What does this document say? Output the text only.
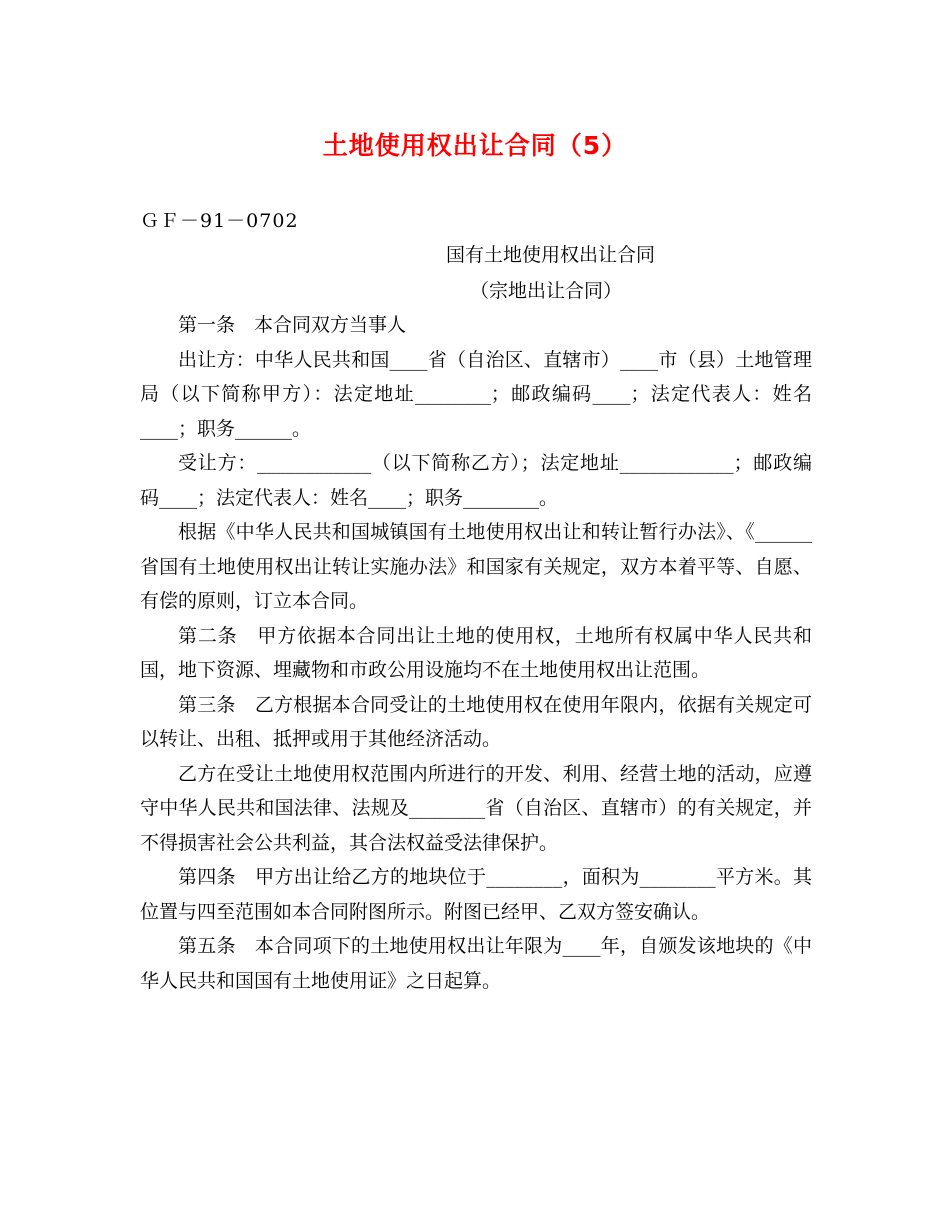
土地使用权出让合同（5）
ＧＦ－91－0702
国有土地使用权出让合同
（宗地出让合同）

第一条　本合同双方当事人

出让方：中华人民共和国____省（自治区、直辖市）____市（县）土地管理局（以下简称甲方）：法定地址________；邮政编码____；法定代表人：姓名____；职务______。

受让方：____________（以下简称乙方）；法定地址____________；邮政编码____；法定代表人：姓名____；职务________。

根据《中华人民共和国城镇国有土地使用权出让和转让暂行办法》、《______省国有土地使用权出让转让实施办法》和国家有关规定，双方本着平等、自愿、有偿的原则，订立本合同。

第二条　甲方依据本合同出让土地的使用权，土地所有权属中华人民共和国，地下资源、埋藏物和市政公用设施均不在土地使用权出让范围。

第三条　乙方根据本合同受让的土地使用权在使用年限内，依据有关规定可以转让、出租、抵押或用于其他经济活动。

乙方在受让土地使用权范围内所进行的开发、利用、经营土地的活动，应遵守中华人民共和国法律、法规及________省（自治区、直辖市）的有关规定，并不得损害社会公共利益，其合法权益受法律保护。

第四条　甲方出让给乙方的地块位于________，面积为________平方米。其位置与四至范围如本合同附图所示。附图已经甲、乙双方签安确认。

第五条　本合同项下的土地使用权出让年限为____年，自颁发该地块的《中华人民共和国国有土地使用证》之日起算。
